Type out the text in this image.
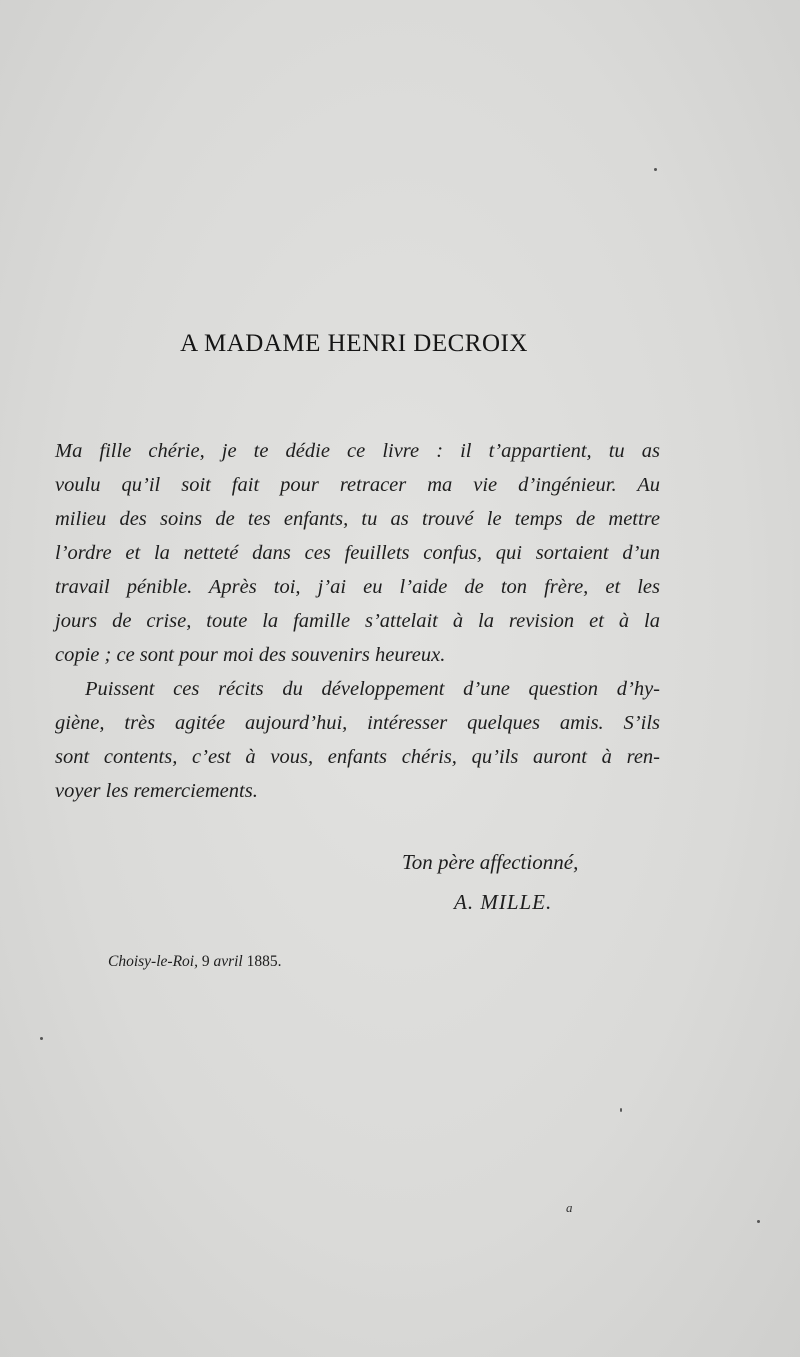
A MADAME HENRI DECROIX
Ma fille chérie, je te dédie ce livre : il t’appartient, tu as
voulu qu’il soit fait pour retracer ma vie d’ingénieur. Au
milieu des soins de tes enfants, tu as trouvé le temps de mettre
l’ordre et la netteté dans ces feuillets confus, qui sortaient d’un
travail pénible. Après toi, j’ai eu l’aide de ton frère, et les
jours de crise, toute la famille s’attelait à la revision et à la
copie ; ce sont pour moi des souvenirs heureux.
Puissent ces récits du développement d’une question d’hy-
giène, très agitée aujourd’hui, intéresser quelques amis. S’ils
sont contents, c’est à vous, enfants chéris, qu’ils auront à ren-
voyer les remerciements.
Ton père affectionné,
A. MILLE.
Choisy-le-Roi, 9 avril 1885.
a
